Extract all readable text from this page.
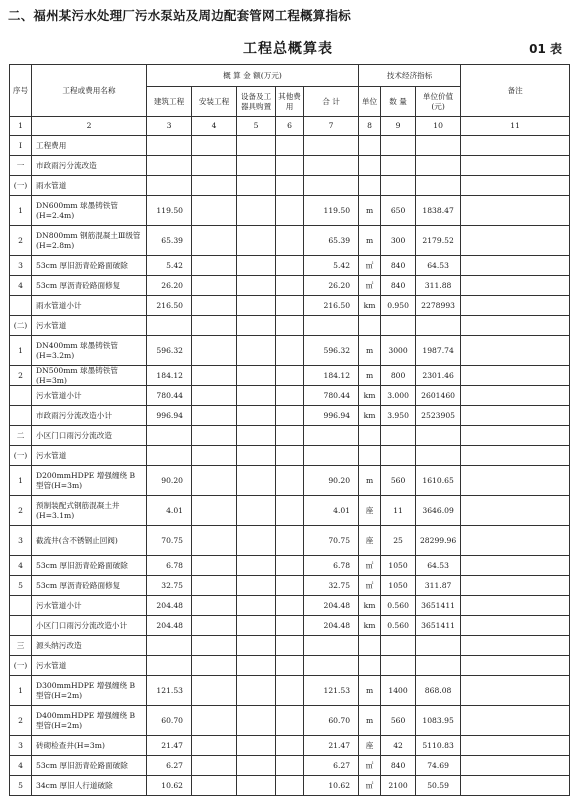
二、福州某污水处理厂污水泵站及周边配套管网工程概算指标
工程总概算表	01 表
序号	工程或费用名称	概 算 金 额(万元)					技术经济指标			备注
		建筑工程	安装工程	设备及工器具购置	其他费用	合 计	单位	数 量	单位价值(元)	
1	2	3	4	5	6	7	8	9	10	11
Ⅰ	工程费用									
一	市政雨污分流改造									
(一)	雨水管道									
1	DN600mm 球墨铸铁管(H=2.4m)	119.50				119.50	m	650	1838.47	
2	DN800mm 钢筋混凝土Ⅲ级管(H=2.8m)	65.39				65.39	m	300	2179.52	
3	53cm 厚旧沥青砼路面破除	5.42				5.42	㎡	840	64.53	
4	53cm 厚沥青砼路面修复	26.20				26.20	㎡	840	311.88	
	雨水管道小计	216.50				216.50	km	0.950	2278993	
(二)	污水管道									
1	DN400mm 球墨铸铁管(H=3.2m)	596.32				596.32	m	3000	1987.74	
2	DN500mm 球墨铸铁管(H=3m)	184.12				184.12	m	800	2301.46	
	污水管道小计	780.44				780.44	km	3.000	2601460	
	市政雨污分流改造小计	996.94				996.94	km	3.950	2523905	
二	小区门口雨污分流改造									
(一)	污水管道									
1	D200mmHDPE 增强缠绕 B 型管(H=3m)	90.20				90.20	m	560	1610.65	
2	预制装配式钢筋混凝土井(H=3.1m)	4.01				4.01	座	11	3646.09	
3	截流井(含不锈钢止回阀)	70.75				70.75	座	25	28299.96	
4	53cm 厚旧沥青砼路面破除	6.78				6.78	㎡	1050	64.53	
5	53cm 厚沥青砼路面修复	32.75				32.75	㎡	1050	311.87	
	污水管道小计	204.48				204.48	km	0.560	3651411	
	小区门口雨污分流改造小计	204.48				204.48	km	0.560	3651411	
三	源头纳污改造									
(一)	污水管道									
1	D300mmHDPE 增强缠绕 B 型管(H=2m)	121.53				121.53	m	1400	868.08	
2	D400mmHDPE 增强缠绕 B 型管(H=2m)	60.70				60.70	m	560	1083.95	
3	砖砌检查井(H=3m)	21.47				21.47	座	42	5110.83	
4	53cm 厚旧沥青砼路面破除	6.27				6.27	㎡	840	74.69	
5	34cm 厚旧人行道破除	10.62				10.62	㎡	2100	50.59	
